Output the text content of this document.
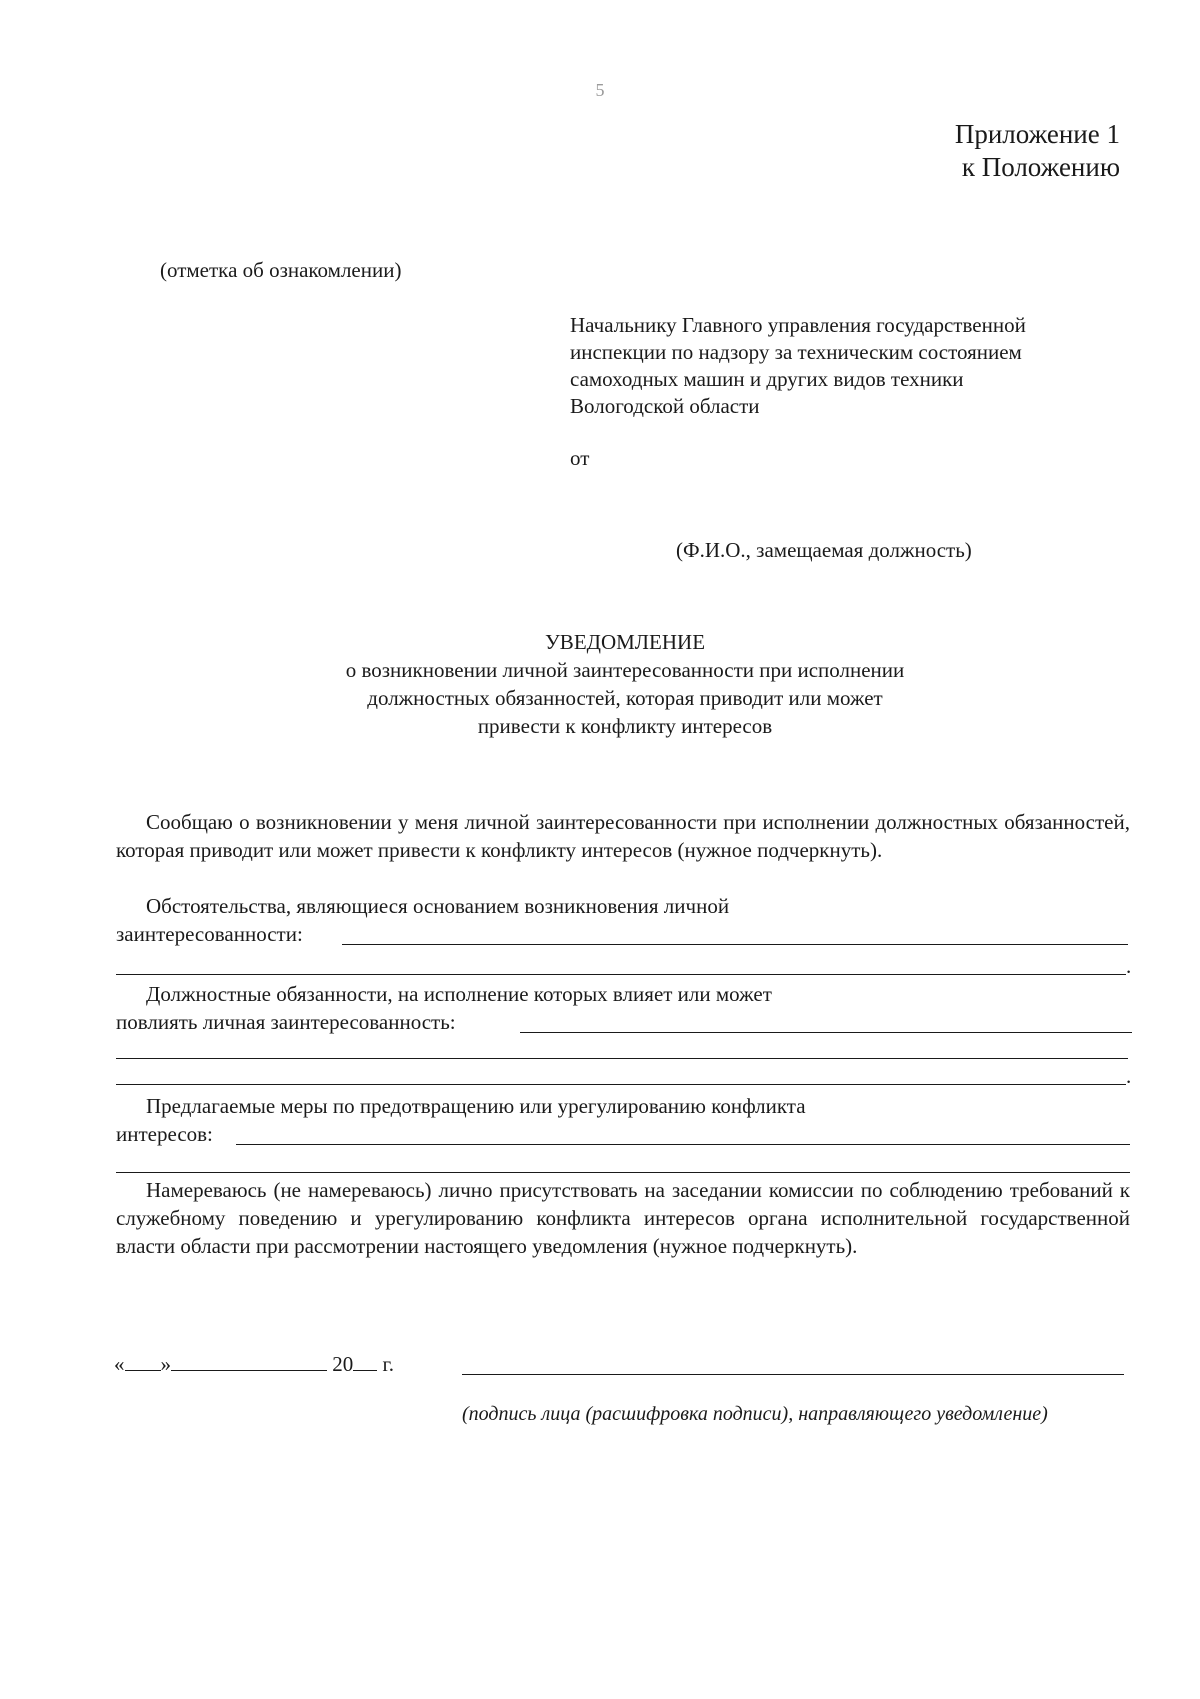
5
Приложение 1
к Положению
(отметка об ознакомлении)
Начальнику Главного управления государственной
инспекции по надзору за техническим состоянием
самоходных машин и других видов техники
Вологодской области
от
(Ф.И.О., замещаемая должность)
УВЕДОМЛЕНИЕ
о возникновении личной заинтересованности при исполнении
должностных обязанностей, которая приводит или может
привести к конфликту интересов
Сообщаю о возникновении у меня личной заинтересованности при исполнении должностных обязанностей, которая приводит или может привести к конфликту интересов (нужное подчеркнуть).
Обстоятельства, являющиеся основанием возникновения личной
заинтересованности:
.
Должностные обязанности, на исполнение которых влияет или может
повлиять личная заинтересованность:
.
Предлагаемые меры по предотвращению или урегулированию конфликта
интересов:
Намереваюсь (не намереваюсь) лично присутствовать на заседании комиссии по соблюдению требований к служебному поведению и урегулированию конфликта интересов органа исполнительной государственной власти области при рассмотрении настоящего уведомления (нужное подчеркнуть).
« »	20 г.
(подпись лица (расшифровка подписи), направляющего уведомление)
